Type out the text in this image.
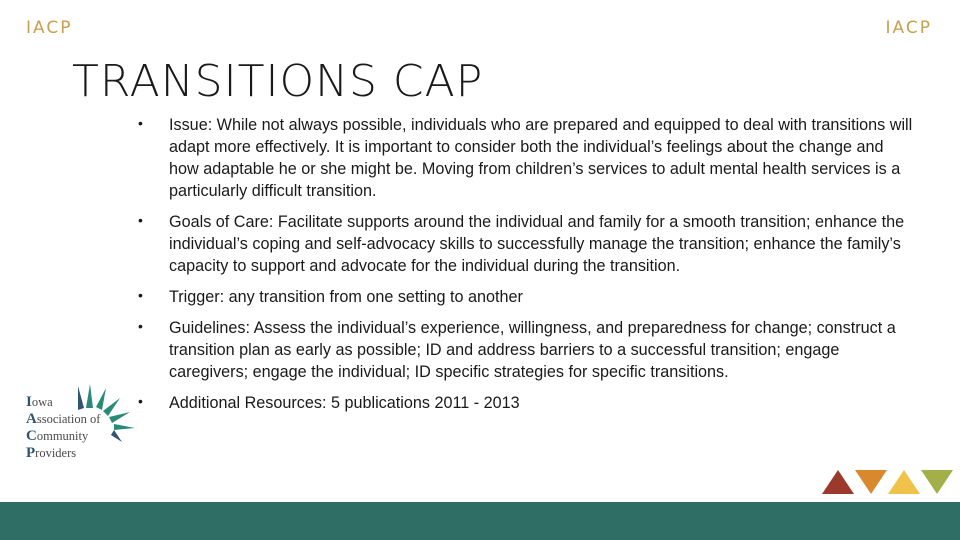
IACP	IACP
TRANSITIONS CAP
• Issue: While not always possible, individuals who are prepared and equipped to deal with transitions will adapt more effectively. It is important to consider both the individual’s feelings about the change and how adaptable he or she might be. Moving from children’s services to adult mental health services is a particularly difficult transition.
• Goals of Care: Facilitate supports around the individual and family for a smooth transition; enhance the individual’s coping and self-advocacy skills to successfully manage the transition; enhance the family’s capacity to support and advocate for the individual during the transition.
• Trigger: any transition from one setting to another
• Guidelines: Assess the individual’s experience, willingness, and preparedness for change; construct a transition plan as early as possible; ID and address barriers to a successful transition; engage caregivers; engage the individual; ID specific strategies for specific transitions.
• Additional Resources: 5 publications 2011 - 2013
Iowa
Association of
Community
Providers
